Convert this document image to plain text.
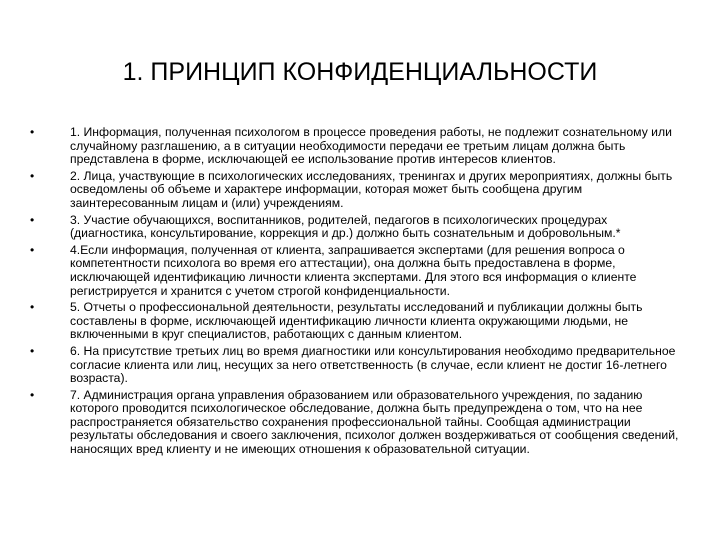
1. ПРИНЦИП КОНФИДЕНЦИАЛЬНОСТИ
•	1. Информация, полученная психологом в процессе проведения работы, не подлежит сознательному или случайному разглашению, а в ситуации необходимости передачи ее третьим лицам должна быть представлена в форме, исключающей ее использование против интересов клиентов.
•	2. Лица, участвующие в психологических исследованиях, тренингах и других мероприятиях, должны быть осведомлены об объеме и характере информации, которая может быть сообщена другим заинтересованным лицам и (или) учреждениям.
•	3. Участие обучающихся, воспитанников, родителей, педагогов в психологических процедурах (диагностика, консультирование, коррекция и др.) должно быть сознательным и добровольным.*
•	4.Если информация, полученная от клиента, запрашивается экспертами (для решения вопроса о компетентности психолога во время его аттестации), она должна быть предоставлена в форме, исключающей идентификацию личности клиента экспертами. Для этого вся информация о клиенте регистрируется и хранится с учетом строгой конфиденциальности.
•	5. Отчеты о профессиональной деятельности, результаты исследований и публикации должны быть составлены в форме, исключающей идентификацию личности клиента окружающими людьми, не включенными в круг специалистов, работающих с данным клиентом.
•	6. На присутствие третьих лиц во время диагностики или консультирования необходимо предварительное согласие клиента или лиц, несущих за него ответственность (в случае, если клиент не достиг 16-летнего возраста).
•	7. Администрация органа управления образованием или образовательного учреждения, по заданию которого проводится психологическое обследование, должна быть предупреждена о том, что на нее распространяется обязательство сохранения профессиональной тайны. Сообщая администрации результаты обследования и своего заключения, психолог должен воздерживаться от сообщения сведений, наносящих вред клиенту и не имеющих отношения к образовательной ситуации.
